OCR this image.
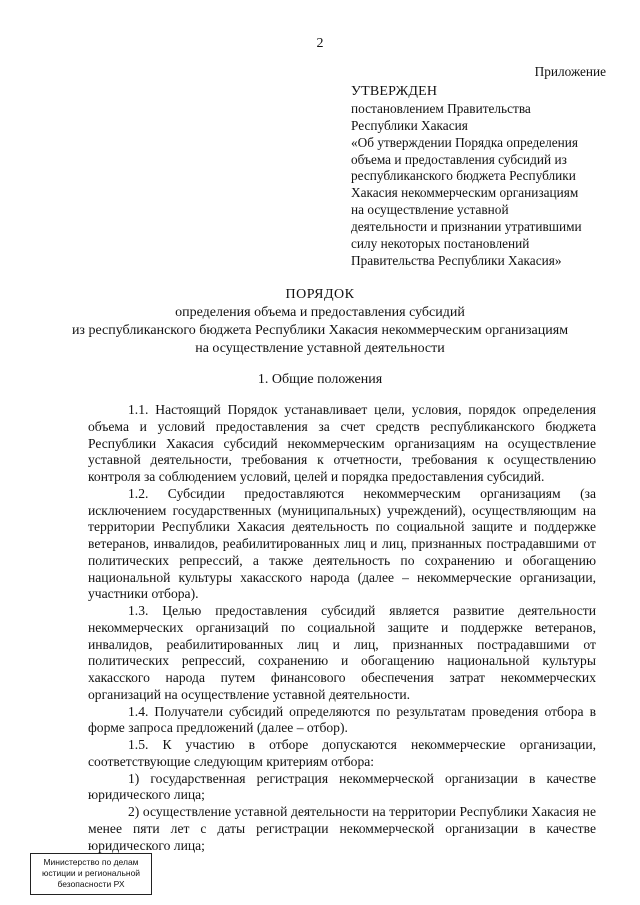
2

Приложение

УТВЕРЖДЕН

постановлением Правительства

Республики Хакасия

«Об утверждении Порядка определения

объема и предоставления субсидий из

республиканского бюджета Республики

Хакасия некоммерческим организациям

на осуществление уставной

деятельности и признании утратившими

силу некоторых постановлений

Правительства Республики Хакасия»

ПОРЯДОК

определения объема и предоставления субсидий

из республиканского бюджета Республики Хакасия некоммерческим организациям

на осуществление уставной деятельности

1. Общие положения

1.1. Настоящий Порядок устанавливает цели, условия, порядок определения объема и условий предоставления за счет средств республиканского бюджета Республики Хакасия субсидий некоммерческим организациям на осуществление уставной деятельности, требования к отчетности, требования к осуществлению контроля за соблюдением условий, целей и порядка предоставления субсидий.

1.2. Субсидии предоставляются некоммерческим организациям (за исключением государственных (муниципальных) учреждений), осуществляющим на территории Республики Хакасия деятельность по социальной защите и поддержке ветеранов, инвалидов, реабилитированных лиц и лиц, признанных пострадавшими от политических репрессий, а также деятельность по сохранению и обогащению национальной культуры хакасского народа (далее – некоммерческие организации, участники отбора).

1.3. Целью предоставления субсидий является развитие деятельности некоммерческих организаций по социальной защите и поддержке ветеранов, инвалидов, реабилитированных лиц и лиц, признанных пострадавшими от политических репрессий, сохранению и обогащению национальной культуры хакасского народа путем финансового обеспечения затрат некоммерческих организаций на осуществление уставной деятельности.

1.4. Получатели субсидий определяются по результатам проведения отбора в форме запроса предложений (далее – отбор).

1.5. К участию в отборе допускаются некоммерческие организации, соответствующие следующим критериям отбора:

1) государственная регистрация некоммерческой организации в качестве юридического лица;

2) осуществление уставной деятельности на территории Республики Хакасия не менее пяти лет с даты регистрации некоммерческой организации в качестве юридического лица;

Министерство по делам
юстиции и региональной
безопасности РХ
